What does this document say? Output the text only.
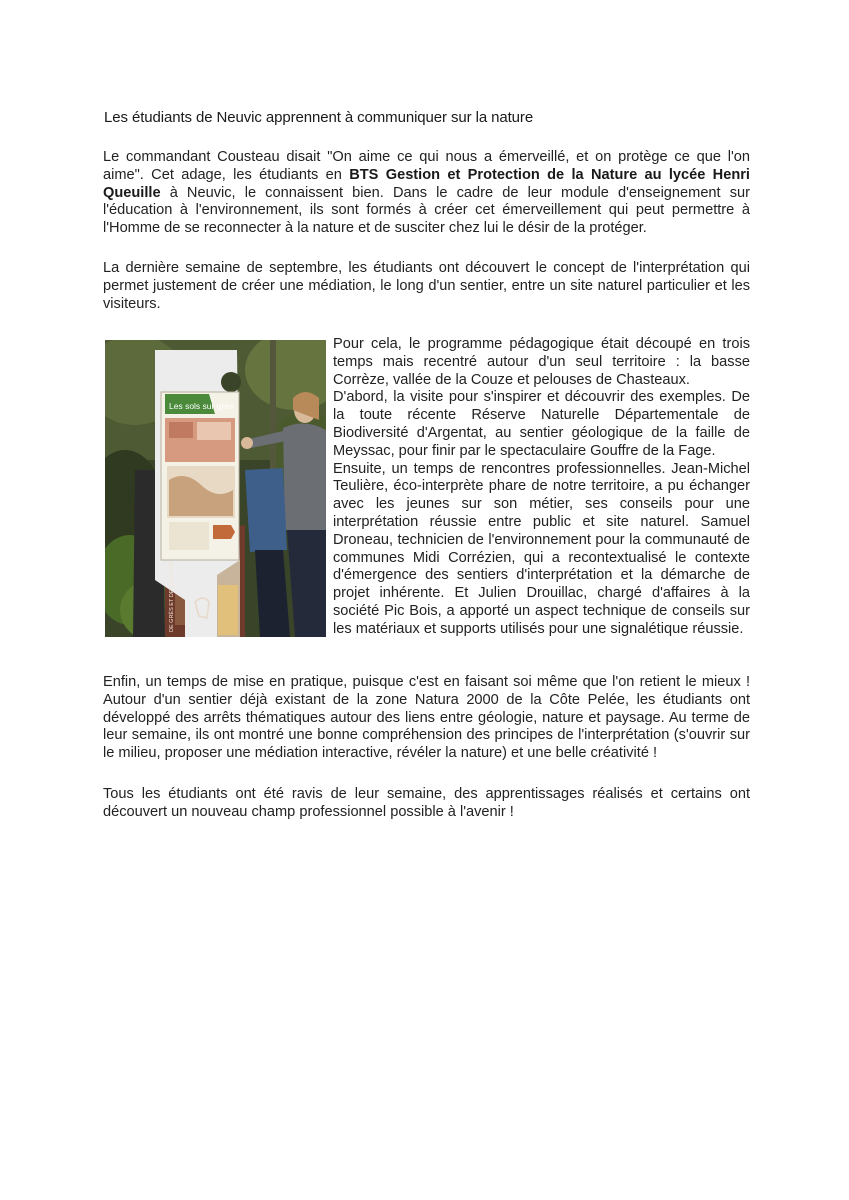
Les étudiants de Neuvic apprennent à communiquer sur la nature

Le commandant Cousteau disait "On aime ce qui nous a émerveillé, et on protège ce que l'on aime". Cet adage, les étudiants en BTS Gestion et Protection de la Nature au lycée Henri Queuille à Neuvic, le connaissent bien. Dans le cadre de leur module d'enseignement sur l'éducation à l'environnement, ils sont formés à créer cet émerveillement qui peut permettre à l'Homme de se reconnecter à la nature et de susciter chez lui le désir de la protéger.

La dernière semaine de septembre, les étudiants ont découvert le concept de l'interprétation qui permet justement de créer une médiation, le long d'un sentier, entre un site naturel particulier et les visiteurs.

Les sols sur grès
DE GRÈS ET DE CALCAIRE

Pour cela, le programme pédagogique était découpé en trois temps mais recentré autour d'un seul territoire : la basse Corrèze, vallée de la Couze et pelouses de Chasteaux.

D'abord, la visite pour s'inspirer et découvrir des exemples. De la toute récente Réserve Naturelle Départementale de Biodiversité d'Argentat, au sentier géologique de la faille de Meyssac, pour finir par le spectaculaire Gouffre de la Fage.

Ensuite, un temps de rencontres professionnelles. Jean-Michel Teulière, éco-interprète phare de notre territoire, a pu échanger avec les jeunes sur son métier, ses conseils pour une interprétation réussie entre public et site naturel. Samuel Droneau, technicien de l'environnement pour la communauté de communes Midi Corrézien, qui a recontextualisé le contexte d'émergence des sentiers d'interprétation et la démarche de projet inhérente. Et Julien Drouillac, chargé d'affaires à la société Pic Bois, a apporté un aspect technique de conseils sur les matériaux et supports utilisés pour une signalétique réussie.

Enfin, un temps de mise en pratique, puisque c'est en faisant soi même que l'on retient le mieux ! Autour d'un sentier déjà existant de la zone Natura 2000 de la Côte Pelée, les étudiants ont développé des arrêts thématiques autour des liens entre géologie, nature et paysage. Au terme de leur semaine, ils ont montré une bonne compréhension des principes de l'interprétation (s'ouvrir sur le milieu, proposer une médiation interactive, révéler la nature) et une belle créativité !

Tous les étudiants ont été ravis de leur semaine, des apprentissages réalisés et certains ont découvert un nouveau champ professionnel possible à l'avenir !
